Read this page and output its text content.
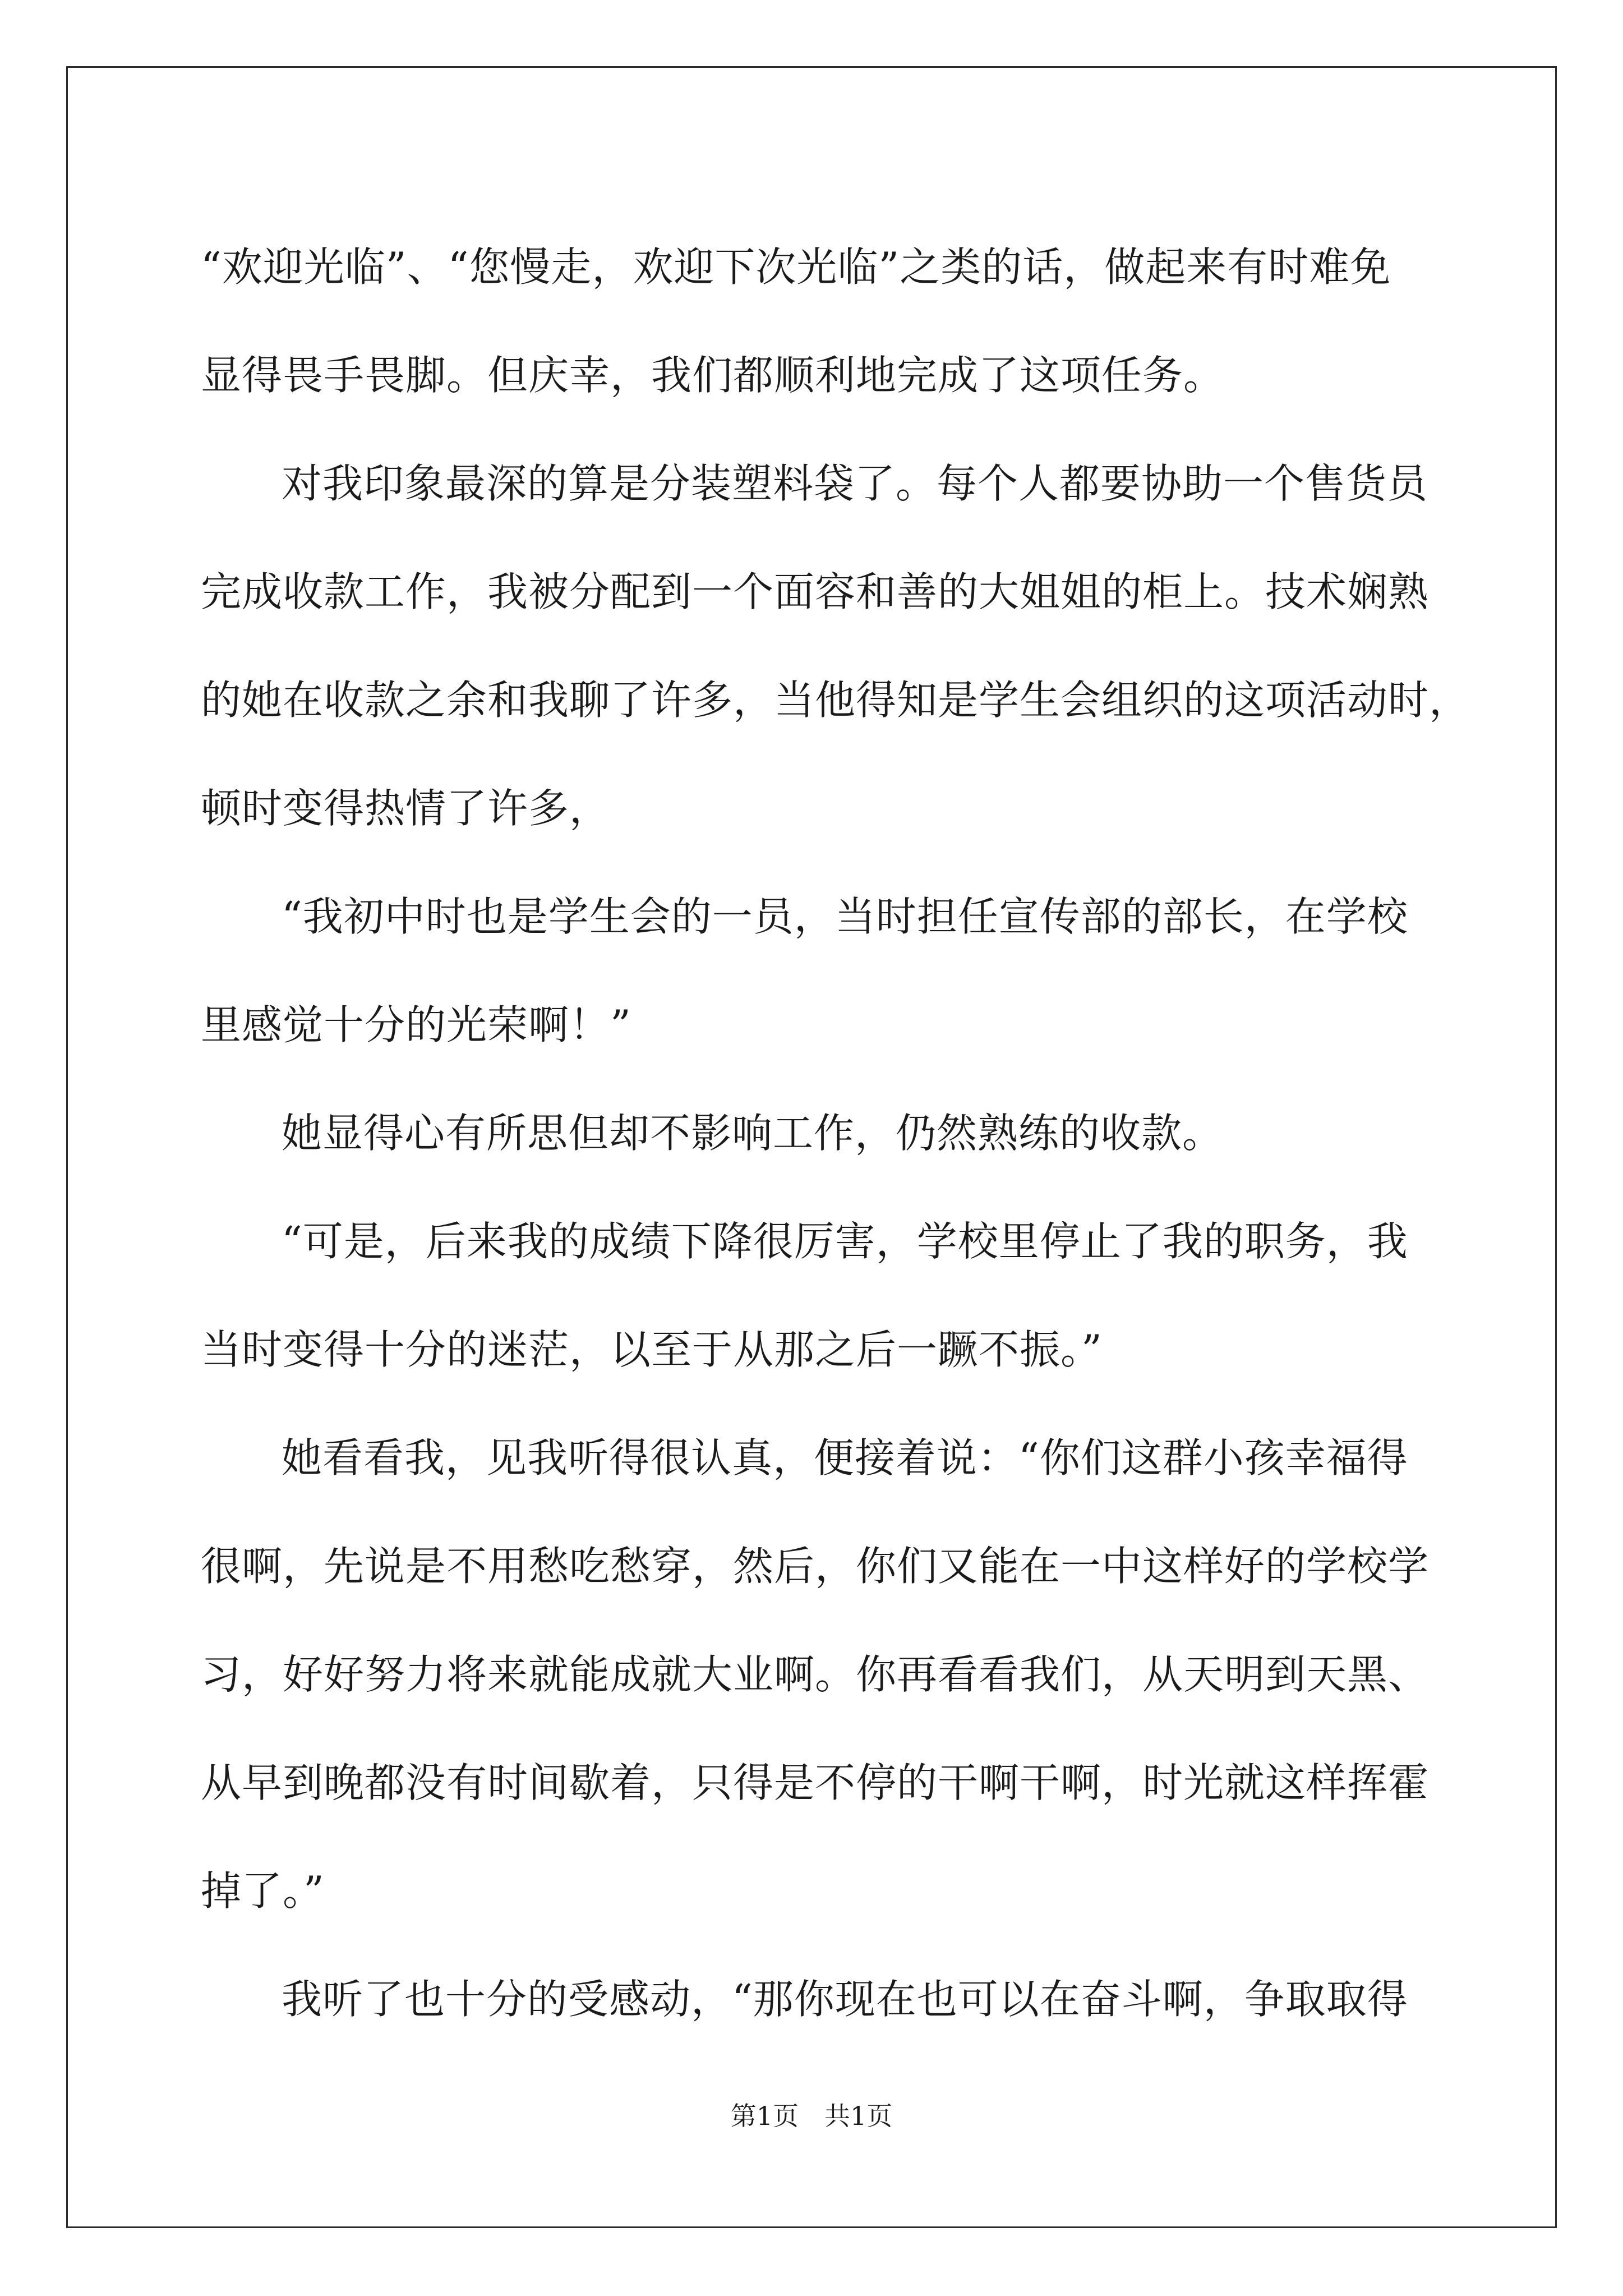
“欢迎光临”、“您慢走，欢迎下次光临”之类的话，做起来有时难免
显得畏手畏脚。但庆幸，我们都顺利地完成了这项任务。
对我印象最深的算是分装塑料袋了。每个人都要协助一个售货员
完成收款工作，我被分配到一个面容和善的大姐姐的柜上。技术娴熟
的她在收款之余和我聊了许多，当他得知是学生会组织的这项活动时，
顿时变得热情了许多，
“我初中时也是学生会的一员，当时担任宣传部的部长，在学校
里感觉十分的光荣啊！”
她显得心有所思但却不影响工作，仍然熟练的收款。
“可是，后来我的成绩下降很厉害，学校里停止了我的职务，我
当时变得十分的迷茫，以至于从那之后一蹶不振。”
她看看我，见我听得很认真，便接着说：“你们这群小孩幸福得
很啊，先说是不用愁吃愁穿，然后，你们又能在一中这样好的学校学
习，好好努力将来就能成就大业啊。你再看看我们，从天明到天黑、
从早到晚都没有时间歇着，只得是不停的干啊干啊，时光就这样挥霍
掉了。”
我听了也十分的受感动，“那你现在也可以在奋斗啊，争取取得
第1页　共1页
